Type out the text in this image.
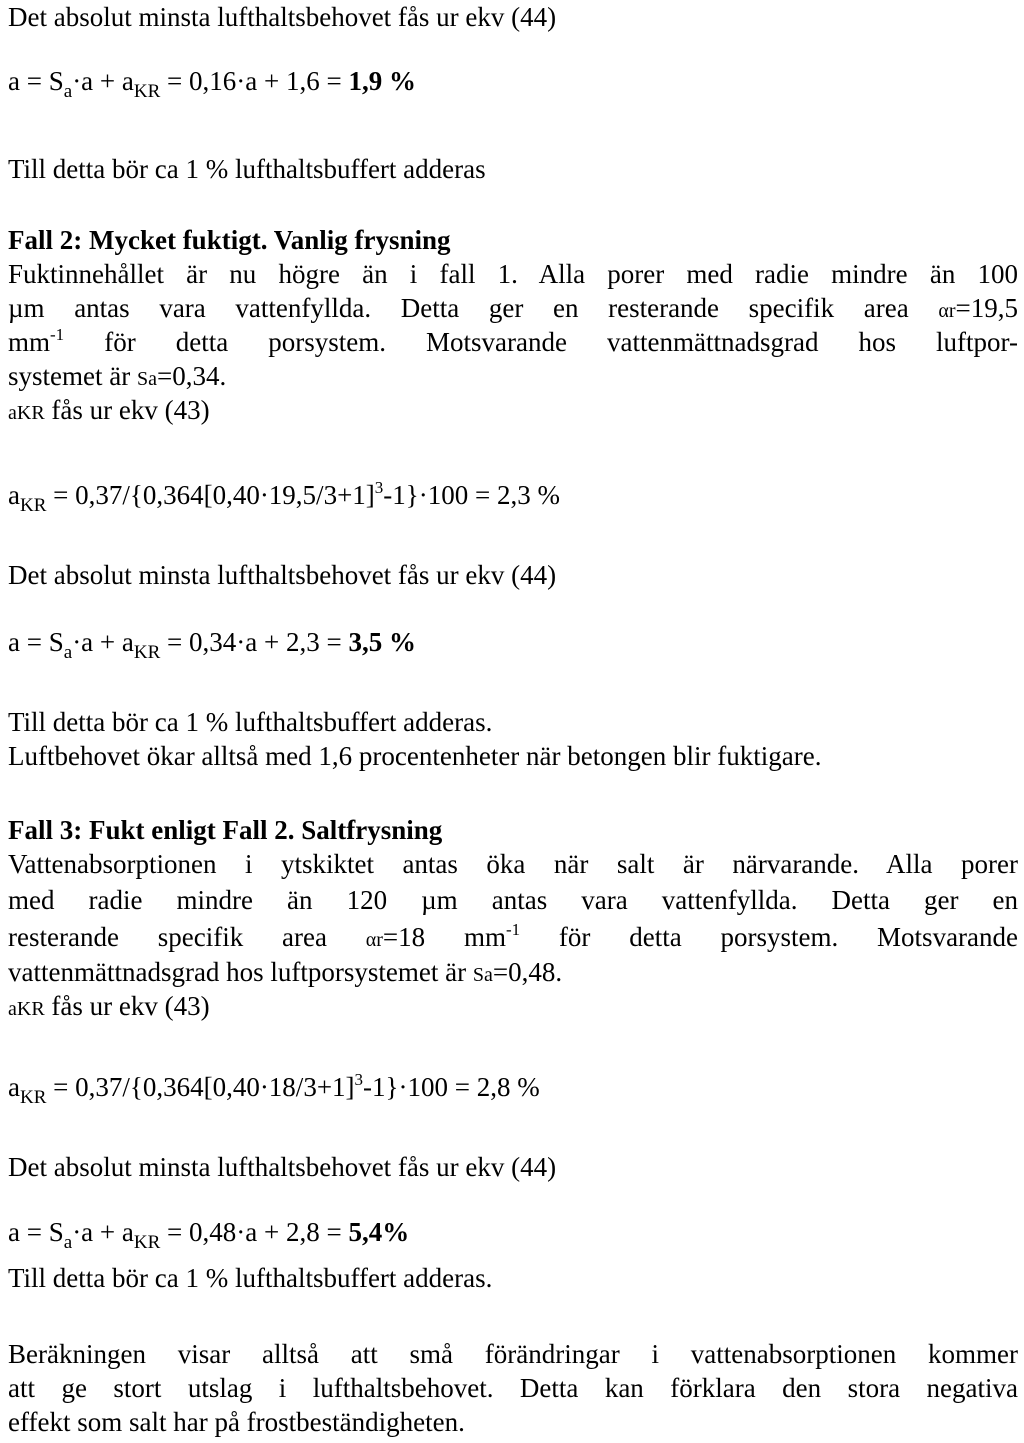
Det absolut minsta lufthaltsbehovet fås ur ekv (44)
$a = S_a\cdot a + a_{KR} = 0,16\cdot a + 1,6 = 1,9$ %
Till detta bör ca 1 % lufthaltsbuffert adderas
Fall 2: Mycket fuktigt. Vanlig frysning
Fuktinnehållet är nu högre än i fall 1. Alla porer med radie mindre än 100
µm antas vara vattenfyllda. Detta ger en resterande specifik area αr=19,5
$mm^{-1}$ för detta porsystem. Motsvarande vattenmättnadsgrad hos luftpor-
systemet är Sa=0,34.
aKR fås ur ekv (43)
$a_{KR} = 0,37/\{0,364[0,40\cdot 19,5/3+1]^3-1\}\cdot 100 = 2,3$ %
Det absolut minsta lufthaltsbehovet fås ur ekv (44)
$a = S_a\cdot a + a_{KR} = 0,34\cdot a + 2,3 = 3,5$ %
Till detta bör ca 1 % lufthaltsbuffert adderas.
Luftbehovet ökar alltså med 1,6 procentenheter när betongen blir fuktigare.
Fall 3: Fukt enligt Fall 2. Saltfrysning
Vattenabsorptionen i ytskiktet antas öka när salt är närvarande. Alla porer
med radie mindre än 120 µm antas vara vattenfyllda. Detta ger en
resterande specifik area αr=18 $mm^{-1}$ för detta porsystem. Motsvarande
vattenmättnadsgrad hos luftporsystemet är Sa=0,48.
aKR fås ur ekv (43)
$a_{KR} = 0,37/\{0,364[0,40\cdot 18/3+1]^3-1\}\cdot 100 = 2,8$ %
Det absolut minsta lufthaltsbehovet fås ur ekv (44)
$a = S_a\cdot a + a_{KR} = 0,48\cdot a + 2,8 = 5,4\%$
Till detta bör ca 1 % lufthaltsbuffert adderas.
Beräkningen visar alltså att små förändringar i vattenabsorptionen kommer
att ge stort utslag i lufthaltsbehovet. Detta kan förklara den stora negativa
effekt som salt har på frostbeständigheten.
